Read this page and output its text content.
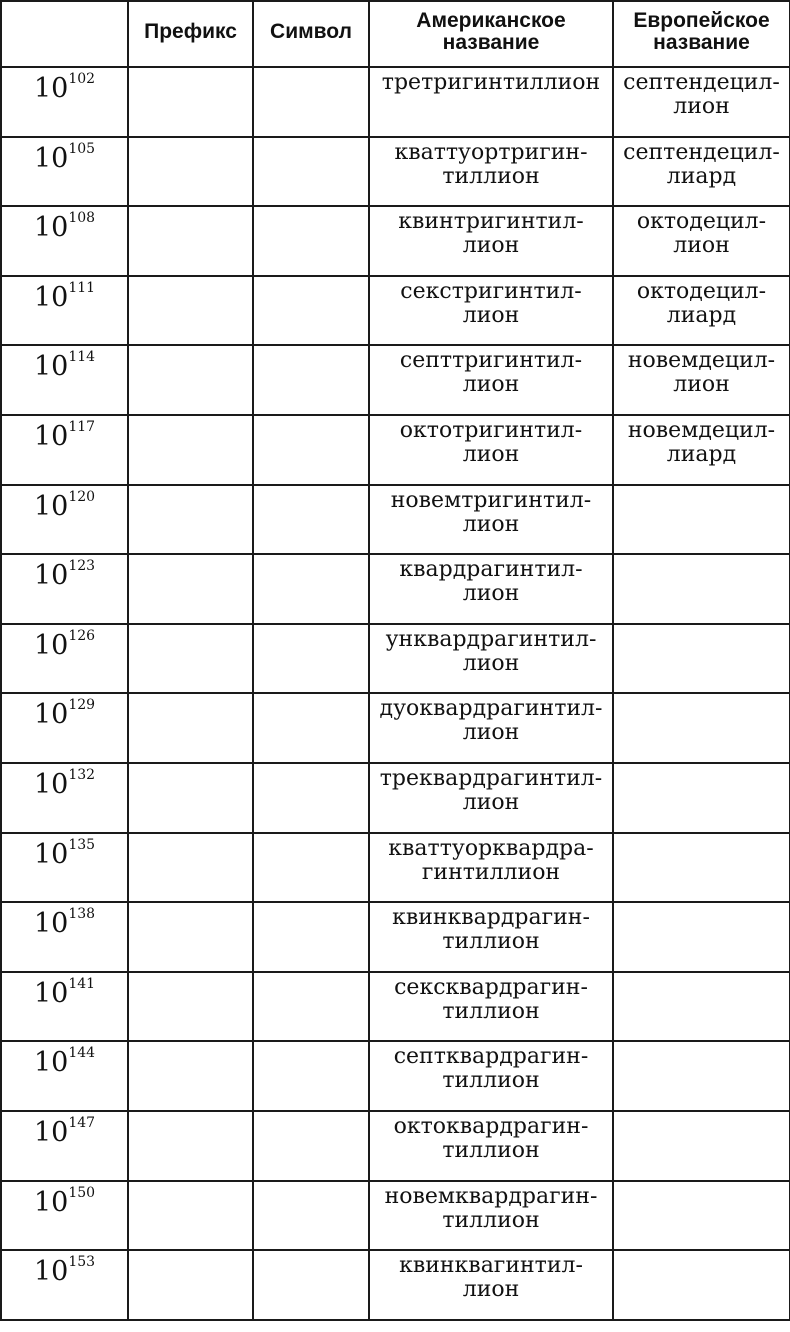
	Префикс	Символ	Американское
название	Европейское
название

$10^{102}$			третригинтиллион	септендецил-
лион

$10^{105}$			кваттуортригин-
тиллион	септендецил-
лиард

$10^{108}$			квинтригинтил-
лион	октодецил-
лион

$10^{111}$			секстригинтил-
лион	октодецил-
лиард

$10^{114}$			септтригинтил-
лион	новемдецил-
лион

$10^{117}$			октотригинтил-
лион	новемдецил-
лиард

$10^{120}$			новемтригинтил-
лион	

$10^{123}$			квардрагинтил-
лион	

$10^{126}$			унквардрагинтил-
лион	

$10^{129}$			дуоквардрагинтил-
лион	

$10^{132}$			треквардрагинтил-
лион	

$10^{135}$			кваттуорквардра-
гинтиллион	

$10^{138}$			квинквардрагин-
тиллион	

$10^{141}$			сексквардрагин-
тиллион	

$10^{144}$			септквардрагин-
тиллион	

$10^{147}$			октоквардрагин-
тиллион	

$10^{150}$			новемквардрагин-
тиллион	

$10^{153}$			квинквагинтил-
лион	
